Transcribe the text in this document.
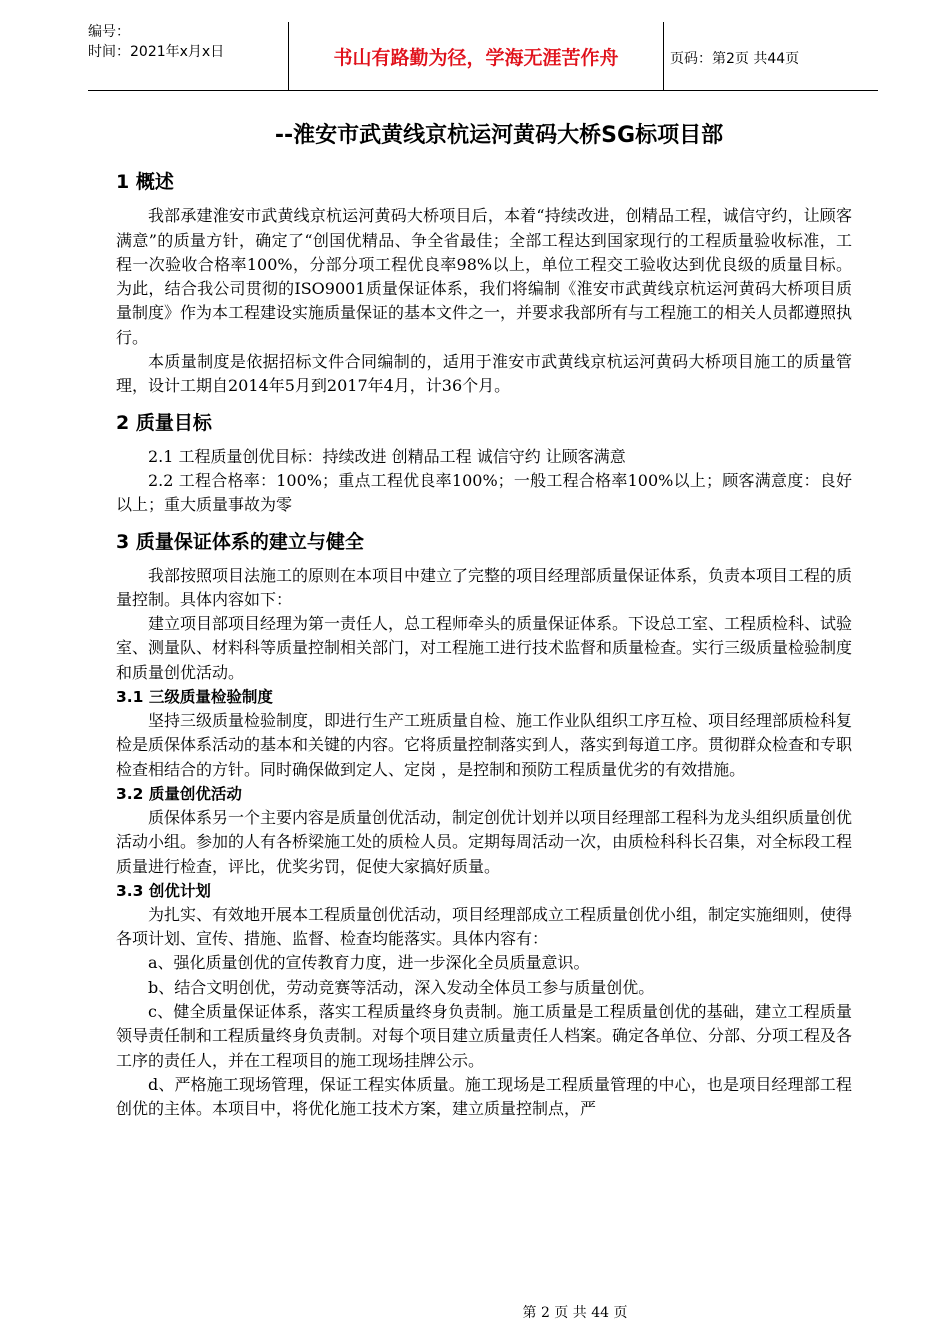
编号：
时间：2021年x月x日	书山有路勤为径，学海无涯苦作舟	页码：第2页 共44页
--淮安市武黄线京杭运河黄码大桥SG标项目部
1 概述

我部承建淮安市武黄线京杭运河黄码大桥项目后，本着“持续改进，创精品工程，诚信守约，让顾客满意”的质量方针，确定了“创国优精品、争全省最佳；全部工程达到国家现行的工程质量验收标准，工程一次验收合格率100%，分部分项工程优良率98%以上，单位工程交工验收达到优良级的质量目标。为此，结合我公司贯彻的ISO9001质量保证体系，我们将编制《淮安市武黄线京杭运河黄码大桥项目质量制度》作为本工程建设实施质量保证的基本文件之一，并要求我部所有与工程施工的相关人员都遵照执行。

本质量制度是依据招标文件合同编制的，适用于淮安市武黄线京杭运河黄码大桥项目施工的质量管理，设计工期自2014年5月到2017年4月，计36个月。

2 质量目标

2.1 工程质量创优目标：持续改进 创精品工程 诚信守约 让顾客满意

2.2 工程合格率：100%；重点工程优良率100%；一般工程合格率100%以上；顾客满意度：良好以上；重大质量事故为零

3 质量保证体系的建立与健全

我部按照项目法施工的原则在本项目中建立了完整的项目经理部质量保证体系，负责本项目工程的质量控制。具体内容如下：

建立项目部项目经理为第一责任人，总工程师牵头的质量保证体系。下设总工室、工程质检科、试验室、测量队、材料科等质量控制相关部门，对工程施工进行技术监督和质量检查。实行三级质量检验制度和质量创优活动。

3.1 三级质量检验制度

坚持三级质量检验制度，即进行生产工班质量自检、施工作业队组织工序互检、项目经理部质检科复检是质保体系活动的基本和关键的内容。它将质量控制落实到人，落实到每道工序。贯彻群众检查和专职检查相结合的方针。同时确保做到定人、定岗 ，是控制和预防工程质量优劣的有效措施。

3.2 质量创优活动

质保体系另一个主要内容是质量创优活动，制定创优计划并以项目经理部工程科为龙头组织质量创优活动小组。参加的人有各桥梁施工处的质检人员。定期每周活动一次，由质检科科长召集，对全标段工程质量进行检查，评比，优奖劣罚，促使大家搞好质量。

3.3 创优计划

为扎实、有效地开展本工程质量创优活动，项目经理部成立工程质量创优小组，制定实施细则，使得各项计划、宣传、措施、监督、检查均能落实。具体内容有：

a、强化质量创优的宣传教育力度，进一步深化全员质量意识。

b、结合文明创优，劳动竞赛等活动，深入发动全体员工参与质量创优。

c、健全质量保证体系，落实工程质量终身负责制。施工质量是工程质量创优的基础，建立工程质量领导责任制和工程质量终身负责制。对每个项目建立质量责任人档案。确定各单位、分部、分项工程及各工序的责任人，并在工程项目的施工现场挂牌公示。

d、严格施工现场管理，保证工程实体质量。施工现场是工程质量管理的中心，也是项目经理部工程创优的主体。本项目中，将优化施工技术方案，建立质量控制点，严

第 2 页 共 44 页
